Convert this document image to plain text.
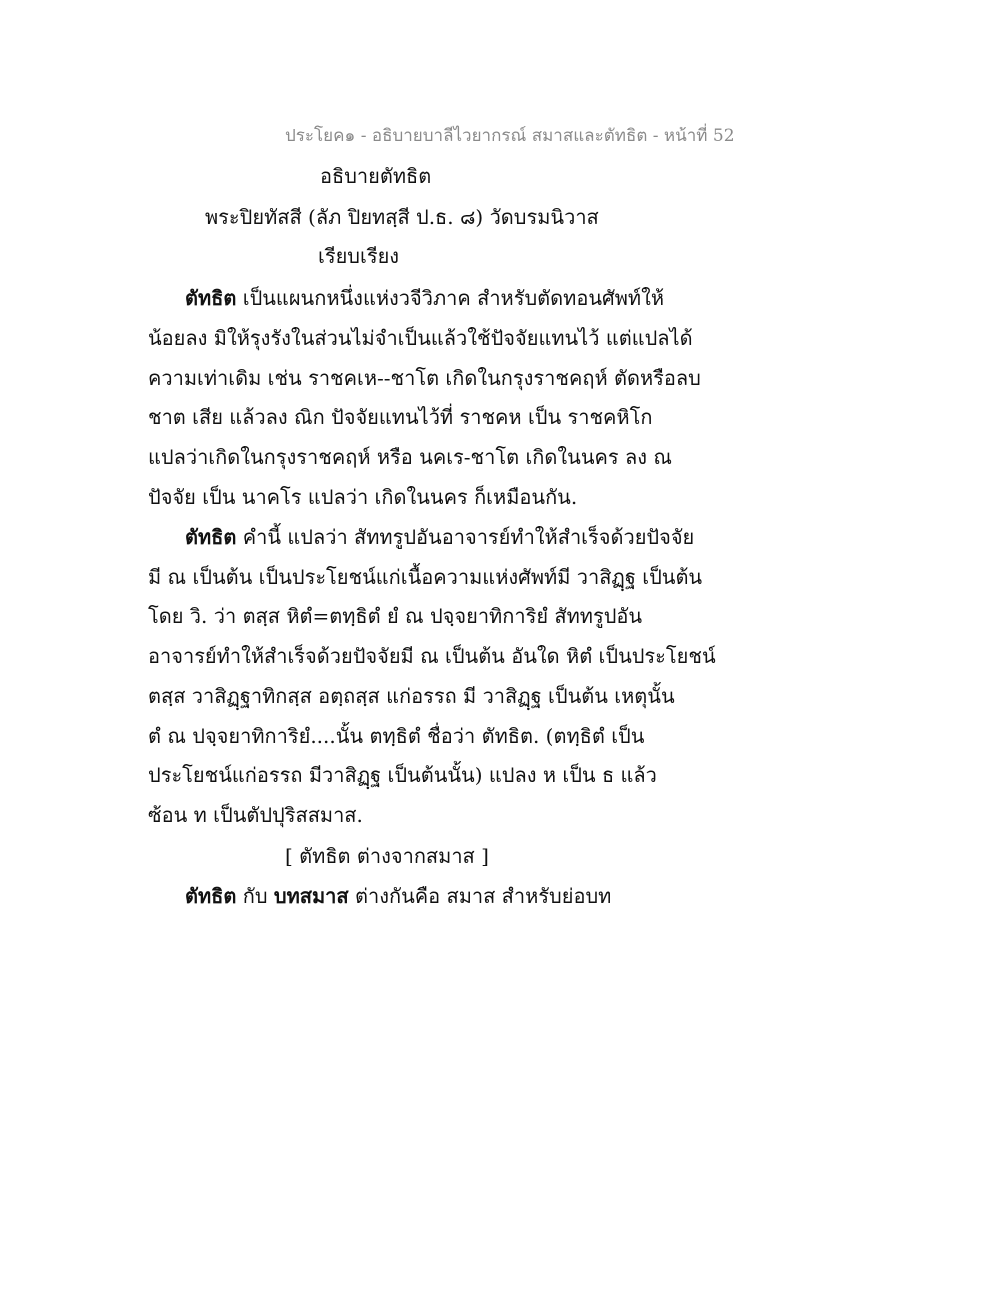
ประโยค๑ - อธิบายบาลีไวยากรณ์ สมาสและตัทธิต - หน้าที่ 52
อธิบายตัทธิต
พระปิยทัสสี (ลัภ ปิยทสฺสี ป.ธ. ๘) วัดบรมนิวาส
เรียบเรียง
ตัทธิต เป็นแผนกหนึ่งแห่งวจีวิภาค สำหรับตัดทอนศัพท์ให้
น้อยลง มิให้รุงรังในส่วนไม่จำเป็นแล้วใช้ปัจจัยแทนไว้ แต่แปลได้
ความเท่าเดิม เช่น ราชคเห--ชาโต เกิดในกรุงราชคฤห์ ตัดหรือลบ
ชาต เสีย แล้วลง ณิก ปัจจัยแทนไว้ที่ ราชคห เป็น ราชคหิโก
แปลว่าเกิดในกรุงราชคฤห์ หรือ นคเร-ชาโต เกิดในนคร ลง ณ
ปัจจัย เป็น นาคโร แปลว่า เกิดในนคร ก็เหมือนกัน.
ตัทธิต คำนี้ แปลว่า สัททรูปอันอาจารย์ทำให้สำเร็จด้วยปัจจัย
มี ณ เป็นต้น เป็นประโยชน์แก่เนื้อความแห่งศัพท์มี วาสิฏฺฐ เป็นต้น
โดย วิ. ว่า ตสฺส หิตํ=ตทฺธิตํ ยํ ณ ปจฺจยาทิการิยํ สัททรูปอัน
อาจารย์ทำให้สำเร็จด้วยปัจจัยมี ณ เป็นต้น อันใด หิตํ เป็นประโยชน์
ตสฺส วาสิฏฺฐาทิกสฺส อตฺถสฺส แก่อรรถ มี วาสิฏฺฐ เป็นต้น เหตุนั้น
ตํ ณ ปจฺจยาทิการิยํ....นั้น ตทฺธิตํ ชื่อว่า ตัทธิต. (ตทฺธิตํ เป็น
ประโยชน์แก่อรรถ มีวาสิฏฺฐ เป็นต้นนั้น) แปลง ห เป็น ธ แล้ว
ซ้อน ท เป็นตัปปุริสสมาส.
[ ตัทธิต ต่างจากสมาส ]
ตัทธิต กับ บทสมาส ต่างกันคือ สมาส สำหรับย่อบท
